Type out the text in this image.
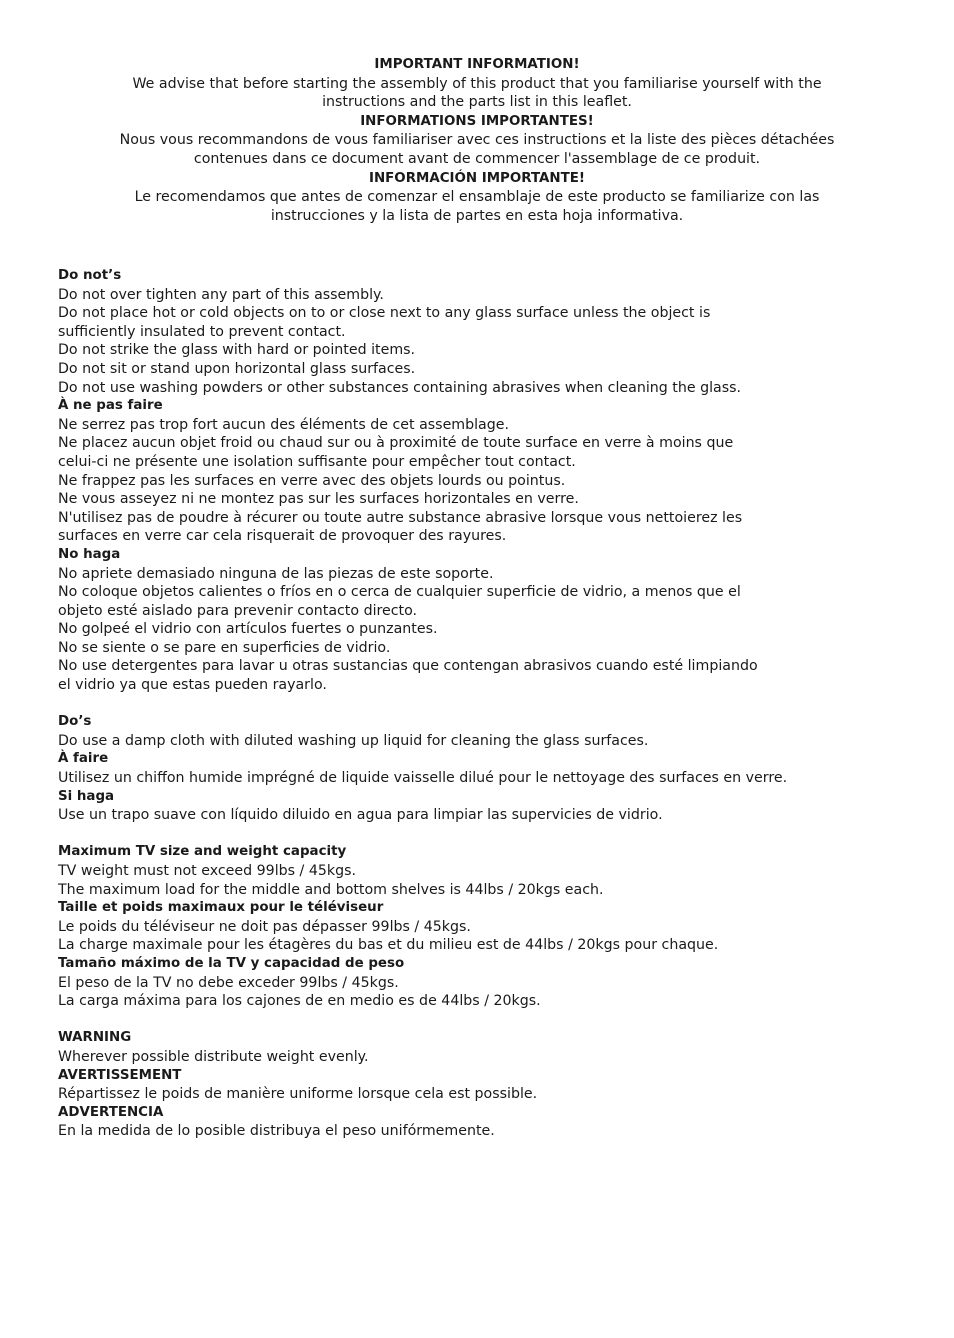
IMPORTANT INFORMATION!
We advise that before starting the assembly of this product that you familiarise yourself with the instructions and the parts list in this leaflet.
INFORMATIONS IMPORTANTES!
Nous vous recommandons de vous familiariser avec ces instructions et la liste des pièces détachées contenues dans ce document avant de commencer l'assemblage de ce produit.
INFORMACIÓN IMPORTANTE!
Le recomendamos que antes de comenzar el ensamblaje de este producto se familiarize con las instrucciones y la lista de partes en esta hoja informativa.
Do not’s
Do not over tighten any part of this assembly.
Do not place hot or cold objects on to or close next to any glass surface unless the object is
sufficiently insulated to prevent contact.
Do not strike the glass with hard or pointed items.
Do not sit or stand upon horizontal glass surfaces.
Do not use washing powders or other substances containing abrasives when cleaning the glass.
À ne pas faire
Ne serrez pas trop fort aucun des éléments de cet assemblage.
Ne placez aucun objet froid ou chaud sur ou à proximité de toute surface en verre à moins que
celui-ci ne présente une isolation suffisante pour empêcher tout contact.
Ne frappez pas les surfaces en verre avec des objets lourds ou pointus.
Ne vous asseyez ni ne montez pas sur les surfaces horizontales en verre.
N'utilisez pas de poudre à récurer ou toute autre substance abrasive lorsque vous nettoierez les
surfaces en verre car cela risquerait de provoquer des rayures.
No haga
No apriete demasiado ninguna de las piezas de este soporte.
No coloque objetos calientes o fríos en o cerca de cualquier superficie de vidrio, a menos que el
objeto esté aislado para prevenir contacto directo.
No golpeé el vidrio con artículos fuertes o punzantes.
No se siente o se pare en superficies de vidrio.
No use detergentes para lavar u otras sustancias que contengan abrasivos cuando esté limpiando
el vidrio ya que estas pueden rayarlo.
Do’s
Do use a damp cloth with diluted washing up liquid for cleaning the glass surfaces.
À faire
Utilisez un chiffon humide imprégné de liquide vaisselle dilué pour le nettoyage des surfaces en verre.
Si haga
Use un trapo suave con líquido diluido en agua para limpiar las supervicies de vidrio.
Maximum TV size and weight capacity
TV weight must not exceed 99lbs / 45kgs.
The maximum load for the middle and bottom shelves is 44lbs / 20kgs each.
Taille et poids maximaux pour le téléviseur
Le poids du téléviseur ne doit pas dépasser 99lbs / 45kgs.
La charge maximale pour les étagères du bas et du milieu est de 44lbs / 20kgs pour chaque.
Tamaño máximo de la TV y capacidad de peso
El peso de la TV no debe exceder 99lbs / 45kgs.
La carga máxima para los cajones de en medio es de 44lbs / 20kgs.
WARNING
Wherever possible distribute weight evenly.
AVERTISSEMENT
Répartissez le poids de manière uniforme lorsque cela est possible.
ADVERTENCIA
En la medida de lo posible distribuya el peso unifórmemente.
